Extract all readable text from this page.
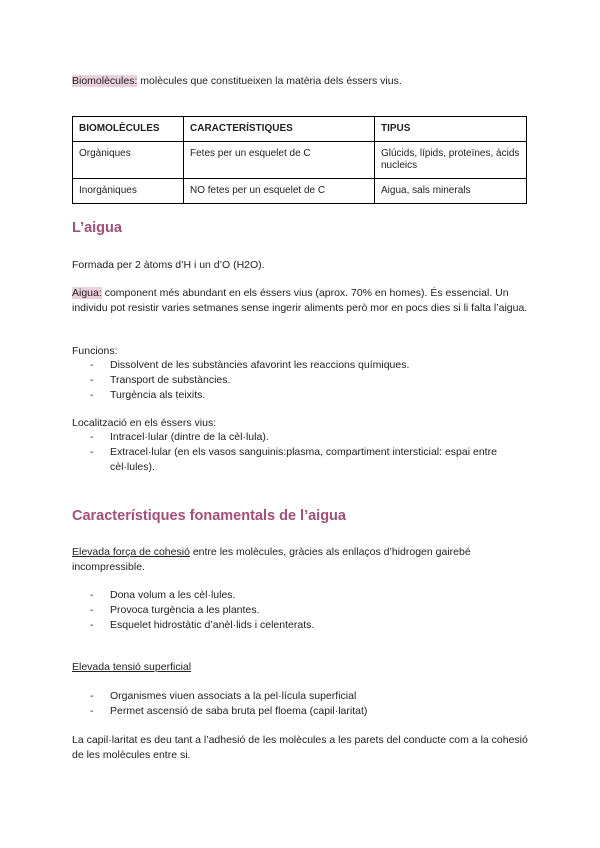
Biomolècules: molècules que constitueixen la matèria dels éssers vius.

BIOMOLÈCULES	CARACTERÍSTIQUES	TIPUS
Orgàniques	Fetes per un esquelet de C	Glúcids, lípids, proteïnes, àcids nucleics
Inorgàniques	NO fetes per un esquelet de C	Aigua, sals minerals
L’aigua

Formada per 2 àtoms d’H i un d’O (H2O).

Aigua: component més abundant en els éssers vius (aprox. 70% en homes). És essencial. Un individu pot resistir varies setmanes sense ingerir aliments però mor en pocs dies si li falta l’aigua.

Funcions:

- Dissolvent de les substàncies afavorint les reaccions químiques.
- Transport de substàncies.
- Turgència als teixits.

Localització en els éssers vius:

- Intracel·lular (dintre de la cèl·lula).
- Extracel·lular (en els vasos sanguinis:plasma, compartiment intersticial: espai entre cèl·lules).
Característiques fonamentals de l’aigua

Elevada força de cohesió entre les molècules, gràcies als enllaços d’hidrogen gairebé incompressible.

- Dona volum a les cèl·lules.
- Provoca turgència a les plantes.
- Esquelet hidrostàtic d’anèl·lids i celenterats.

Elevada tensió superficial

- Organismes viuen associats a la pel·lícula superficial
- Permet ascensió de saba bruta pel floema (capil·laritat)

La capil·laritat es deu tant a l’adhesió de les molècules a les parets del conducte com a la cohesió de les molècules entre si.
